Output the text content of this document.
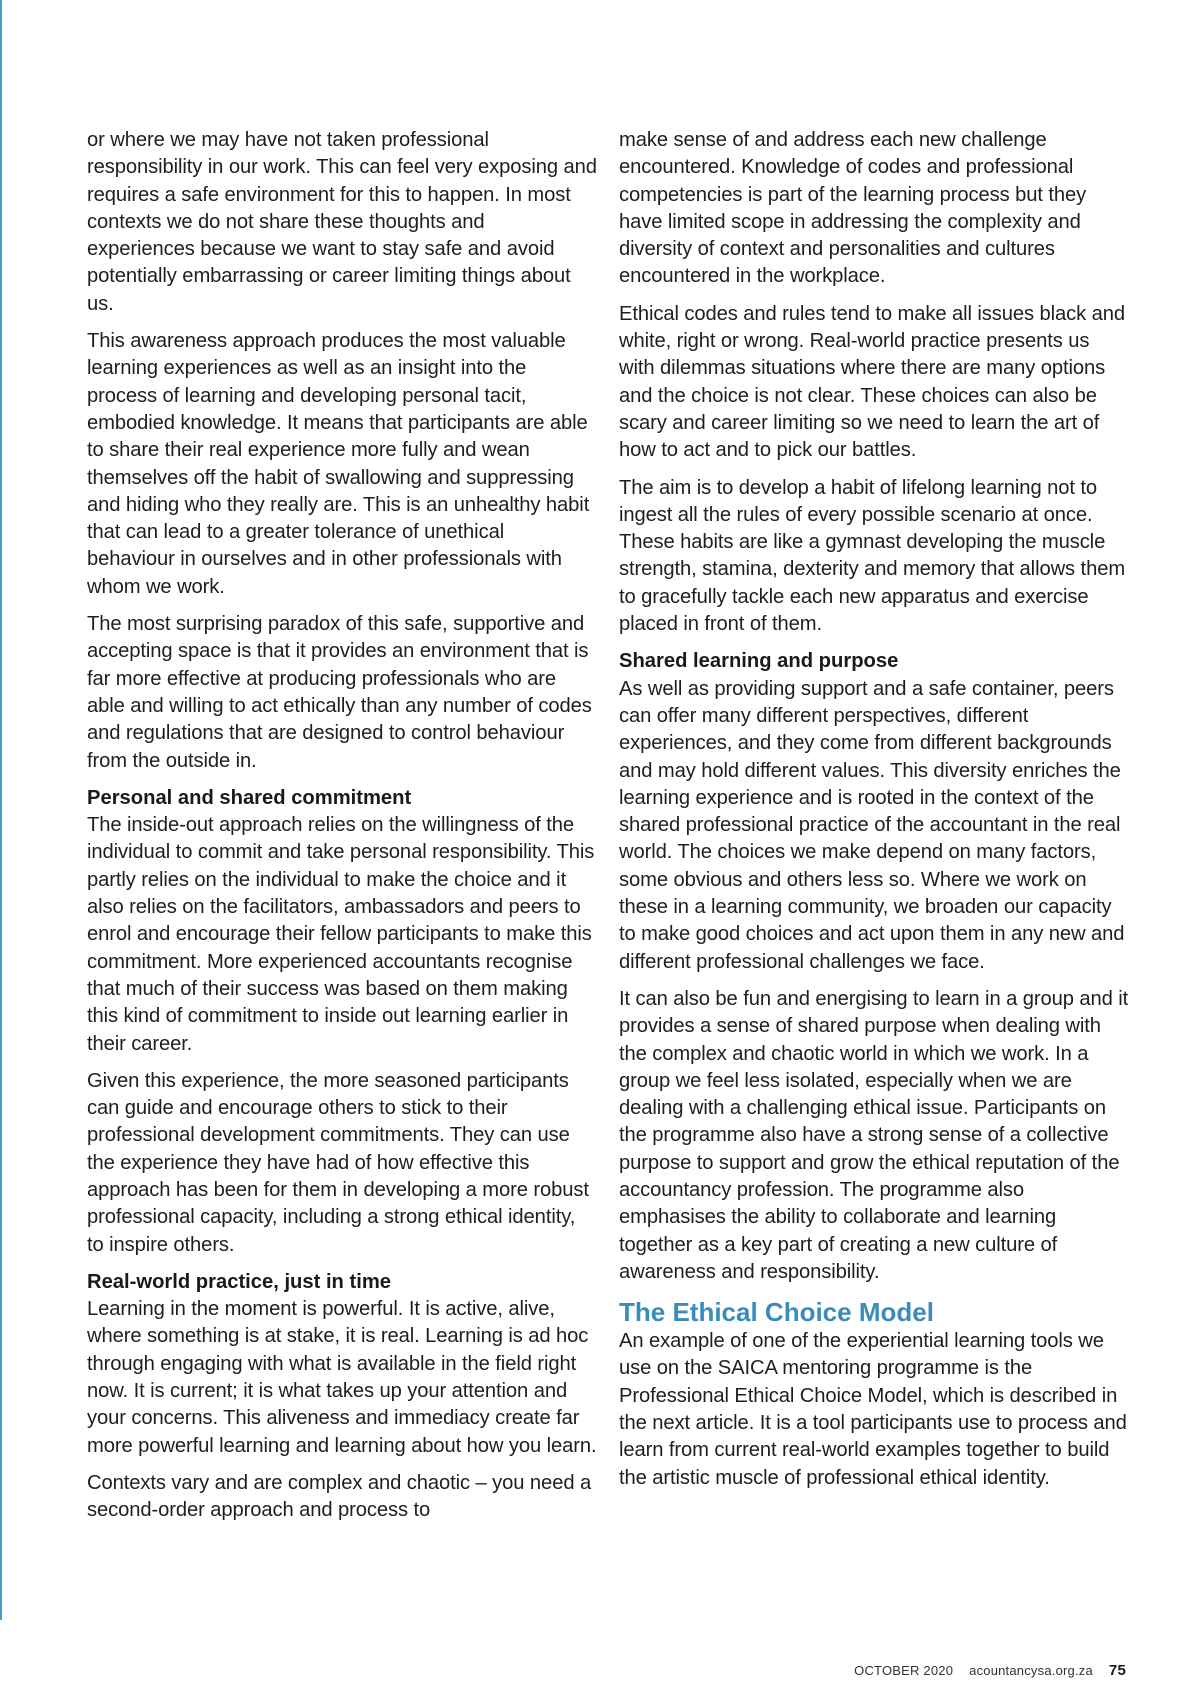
or where we may have not taken professional responsibility in our work. This can feel very exposing and requires a safe environment for this to happen. In most contexts we do not share these thoughts and experiences because we want to stay safe and avoid potentially embarrassing or career limiting things about us.

This awareness approach produces the most valuable learning experiences as well as an insight into the process of learning and developing personal tacit, embodied knowledge. It means that participants are able to share their real experience more fully and wean themselves off the habit of swallowing and suppressing and hiding who they really are. This is an unhealthy habit that can lead to a greater tolerance of unethical behaviour in ourselves and in other professionals with whom we work.

The most surprising paradox of this safe, supportive and accepting space is that it provides an environment that is far more effective at producing professionals who are able and willing to act ethically than any number of codes and regulations that are designed to control behaviour from the outside in.

Personal and shared commitment

The inside-out approach relies on the willingness of the individual to commit and take personal responsibility. This partly relies on the individual to make the choice and it also relies on the facilitators, ambassadors and peers to enrol and encourage their fellow participants to make this commitment. More experienced accountants recognise that much of their success was based on them making this kind of commitment to inside out learning earlier in their career.

Given this experience, the more seasoned participants can guide and encourage others to stick to their professional development commitments. They can use the experience they have had of how effective this approach has been for them in developing a more robust professional capacity, including a strong ethical identity, to inspire others.

Real-world practice, just in time

Learning in the moment is powerful. It is active, alive, where something is at stake, it is real. Learning is ad hoc through engaging with what is available in the field right now. It is current; it is what takes up your attention and your concerns. This aliveness and immediacy create far more powerful learning and learning about how you learn.

Contexts vary and are complex and chaotic – you need a second-order approach and process to

make sense of and address each new challenge encountered. Knowledge of codes and professional competencies is part of the learning process but they have limited scope in addressing the complexity and diversity of context and personalities and cultures encountered in the workplace.

Ethical codes and rules tend to make all issues black and white, right or wrong. Real-world practice presents us with dilemmas situations where there are many options and the choice is not clear. These choices can also be scary and career limiting so we need to learn the art of how to act and to pick our battles.

The aim is to develop a habit of lifelong learning not to ingest all the rules of every possible scenario at once. These habits are like a gymnast developing the muscle strength, stamina, dexterity and memory that allows them to gracefully tackle each new apparatus and exercise placed in front of them.

Shared learning and purpose

As well as providing support and a safe container, peers can offer many different perspectives, different experiences, and they come from different backgrounds and may hold different values. This diversity enriches the learning experience and is rooted in the context of the shared professional practice of the accountant in the real world. The choices we make depend on many factors, some obvious and others less so. Where we work on these in a learning community, we broaden our capacity to make good choices and act upon them in any new and different professional challenges we face.

It can also be fun and energising to learn in a group and it provides a sense of shared purpose when dealing with the complex and chaotic world in which we work. In a group we feel less isolated, especially when we are dealing with a challenging ethical issue. Participants on the programme also have a strong sense of a collective purpose to support and grow the ethical reputation of the accountancy profession. The programme also emphasises the ability to collaborate and learning together as a key part of creating a new culture of awareness and responsibility.

The Ethical Choice Model

An example of one of the experiential learning tools we use on the SAICA mentoring programme is the Professional Ethical Choice Model, which is described in the next article. It is a tool participants use to process and learn from current real-world examples together to build the artistic muscle of professional ethical identity.

OCTOBER 2020 acountancysa.org.za 75
